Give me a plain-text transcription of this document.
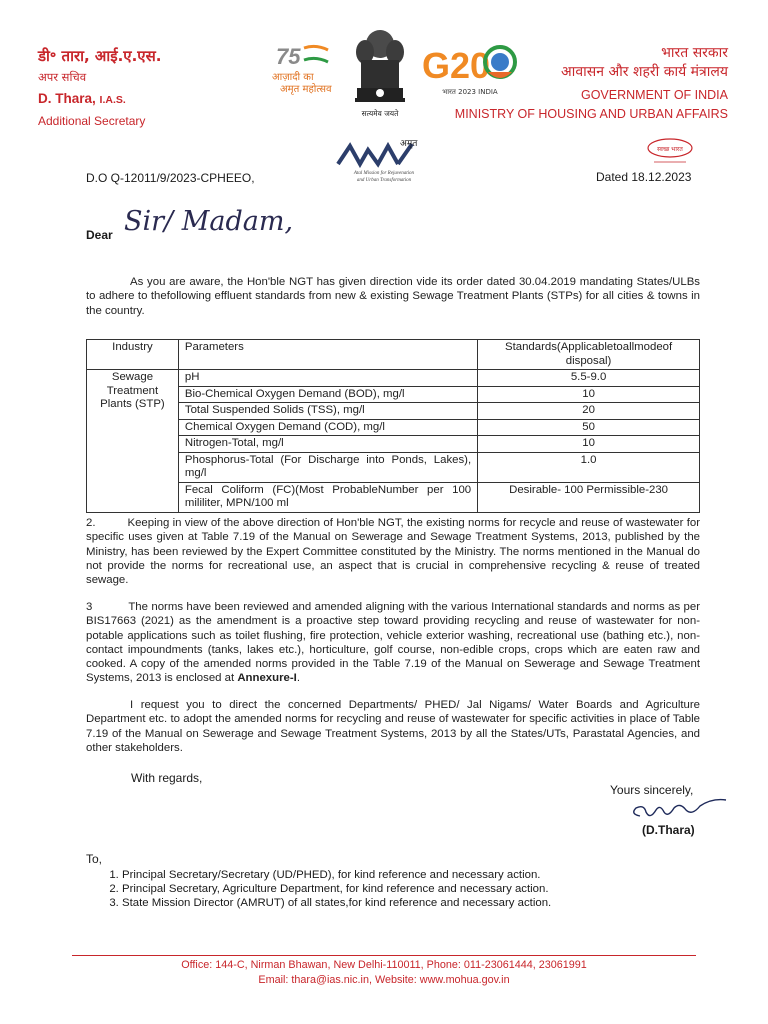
डी॰ तारा, आई.ए.एस.
अपर सचिव
D. Thara, I.A.S.
Additional Secretary
75
आज़ादी का
अमृत महोत्सव
सत्यमेव जयते
G20
भारत 2023 INDIA
भारत सरकार
आवासन और शहरी कार्य मंत्रालय
GOVERNMENT OF INDIA
MINISTRY OF HOUSING AND URBAN AFFAIRS
अमृत
Atal Mission for Rejuvenation
and Urban Transformation
स्वच्छ भारत
D.O Q-12011/9/2023-CPHEEO,	Dated 18.12.2023
Dear Sir/ Madam,
As you are aware, the Hon'ble NGT has given direction vide its order dated 30.04.2019 mandating States/ULBs to adhere to thefollowing effluent standards from new & existing Sewage Treatment Plants (STPs) for all cities & towns in the country.
Industry	Parameters	Standards(Applicabletoallmodeof disposal)
Sewage Treatment Plants (STP)	pH	5.5-9.0
	Bio-Chemical Oxygen Demand (BOD), mg/l	10
	Total Suspended Solids (TSS), mg/l	20
	Chemical Oxygen Demand (COD), mg/l	50
	Nitrogen-Total, mg/l	10
	Phosphorus-Total (For Discharge into Ponds, Lakes), mg/l	1.0
	Fecal Coliform (FC)(Most ProbableNumber per 100 mililiter, MPN/100 ml	Desirable- 100 Permissible-230
2.	Keeping in view of the above direction of Hon'ble NGT, the existing norms for recycle and reuse of wastewater for specific uses given at Table 7.19 of the Manual on Sewerage and Sewage Treatment Systems, 2013, published by the Ministry, has been reviewed by the Expert Committee constituted by the Ministry. The norms mentioned in the Manual do not provide the norms for recreational use, an aspect that is crucial in comprehensive recycling & reuse of treated sewage.
3	The norms have been reviewed and amended aligning with the various International standards and norms as per BIS17663 (2021) as the amendment is a proactive step toward providing recycling and reuse of wastewater for non-potable applications such as toilet flushing, fire protection, vehicle exterior washing, recreational use (bathing etc.), non-contact impoundments (tanks, lakes etc.), horticulture, golf course, non-edible crops, crops which are eaten raw and cooked. A copy of the amended norms provided in the Table 7.19 of the Manual on Sewerage and Sewage Treatment Systems, 2013 is enclosed at Annexure-I.
I request you to direct the concerned Departments/ PHED/ Jal Nigams/ Water Boards and Agriculture Department etc. to adopt the amended norms for recycling and reuse of wastewater for specific activities in place of Table 7.19 of the Manual on Sewerage and Sewage Treatment Systems, 2013 by all the States/UTs, Parastatal Agencies, and other stakeholders.
With regards,
Yours sincerely,
(D.Thara)
To,
1. Principal Secretary/Secretary (UD/PHED), for kind reference and necessary action.
2. Principal Secretary, Agriculture Department, for kind reference and necessary action.
3. State Mission Director (AMRUT) of all states,for kind reference and necessary action.
Office: 144-C, Nirman Bhawan, New Delhi-110011, Phone: 011-23061444, 23061991
Email: thara@ias.nic.in, Website: www.mohua.gov.in
